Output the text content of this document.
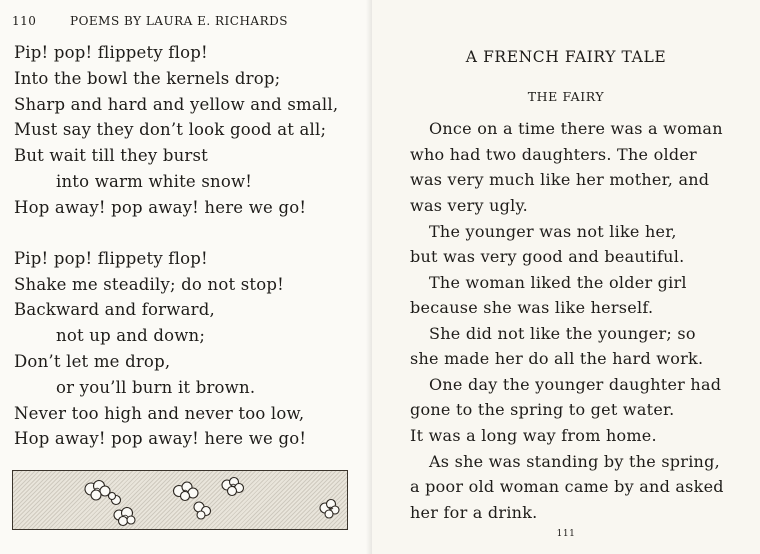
110	POEMS BY LAURA E. RICHARDS
Pip! pop! flippety flop!
Into the bowl the kernels drop;
Sharp and hard and yellow and small,
Must say they don’t look good at all;
But wait till they burst
into warm white snow!
Hop away! pop away! here we go!
Pip! pop! flippety flop!
Shake me steadily; do not stop!
Backward and forward,
not up and down;
Don’t let me drop,
or you’ll burn it brown.
Never too high and never too low,
Hop away! pop away! here we go!
A FRENCH FAIRY TALE
THE FAIRY
Once on a time there was a woman
who had two daughters. The older
was very much like her mother, and
was very ugly.
The younger was not like her,
but was very good and beautiful.
The woman liked the older girl
because she was like herself.
She did not like the younger; so
she made her do all the hard work.
One day the younger daughter had
gone to the spring to get water.
It was a long way from home.
As she was standing by the spring,
a poor old woman came by and asked
her for a drink.
111
